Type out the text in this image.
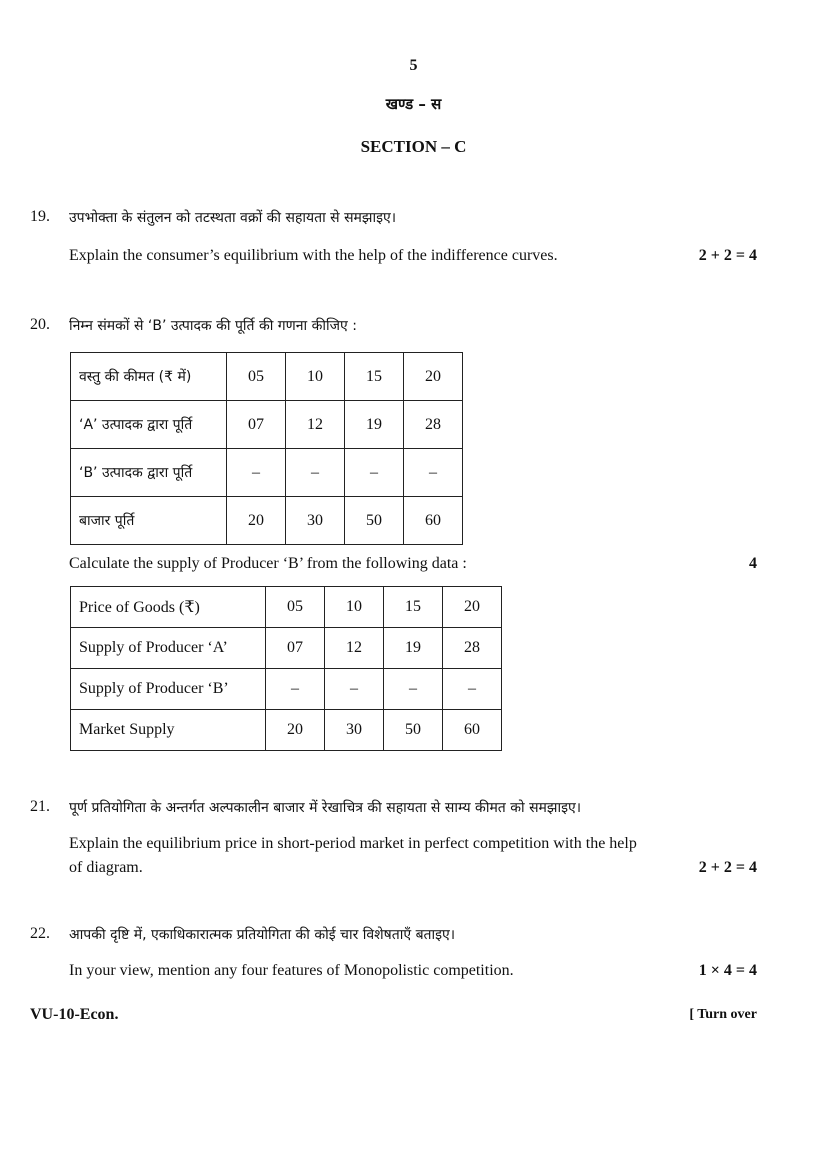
5
खण्ड – स
SECTION – C
19. उपभोक्ता के संतुलन को तटस्थता वक्रों की सहायता से समझाइए।
Explain the consumer’s equilibrium with the help of the indifference curves.	2 + 2 = 4
20. निम्न संमकों से ‘B’ उत्पादक की पूर्ति की गणना कीजिए :
वस्तु की कीमत (₹ में)	05	10	15	20
‘A’ उत्पादक द्वारा पूर्ति	07	12	19	28
‘B’ उत्पादक द्वारा पूर्ति	–	–	–	–
बाजार पूर्ति	20	30	50	60
Calculate the supply of Producer ‘B’ from the following data :	4
Price of Goods (₹)	05	10	15	20
Supply of Producer ‘A’	07	12	19	28
Supply of Producer ‘B’	–	–	–	–
Market Supply	20	30	50	60
21. पूर्ण प्रतियोगिता के अन्तर्गत अल्पकालीन बाजार में रेखाचित्र की सहायता से साम्य कीमत को समझाइए।
Explain the equilibrium price in short-period market in perfect competition with the help
of diagram.	2 + 2 = 4
22. आपकी दृष्टि में, एकाधिकारात्मक प्रतियोगिता की कोई चार विशेषताएँ बताइए।
In your view, mention any four features of Monopolistic competition.	1 × 4 = 4
VU-10-Econ.	[ Turn over
